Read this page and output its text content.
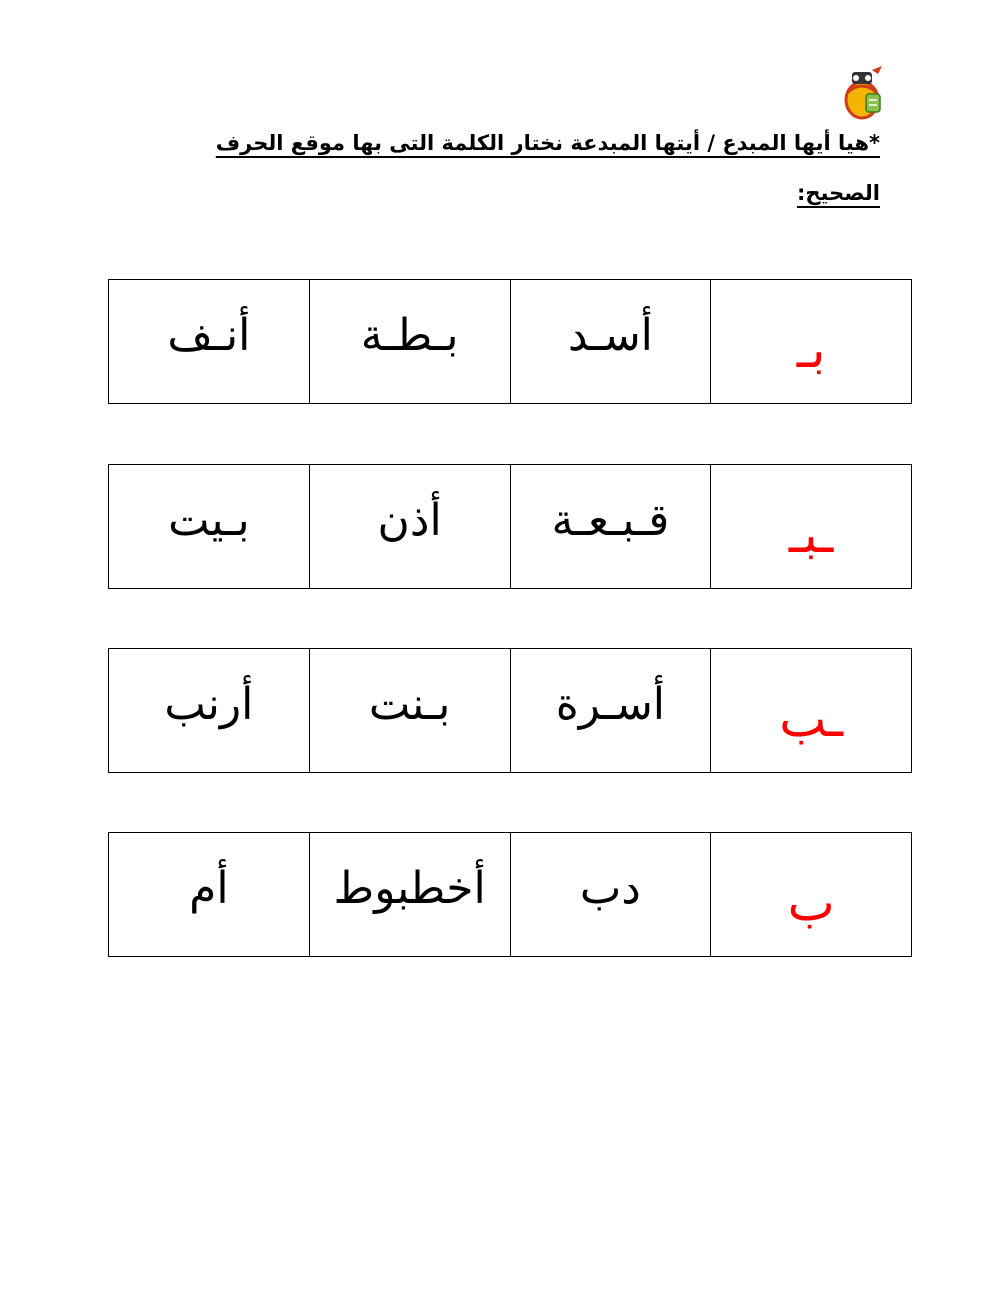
*هيا أيها المبدع / أيتها المبدعة نختار الكلمة التى بها موقع الحرف
الصحيح:
أنـف	بـطـة	أسـد	بـ
بـيت	أذن	قـبـعـة	ـبـ
أرنب	بـنت	أسـرة	ـب
أم	أخطبوط	دب	ب
